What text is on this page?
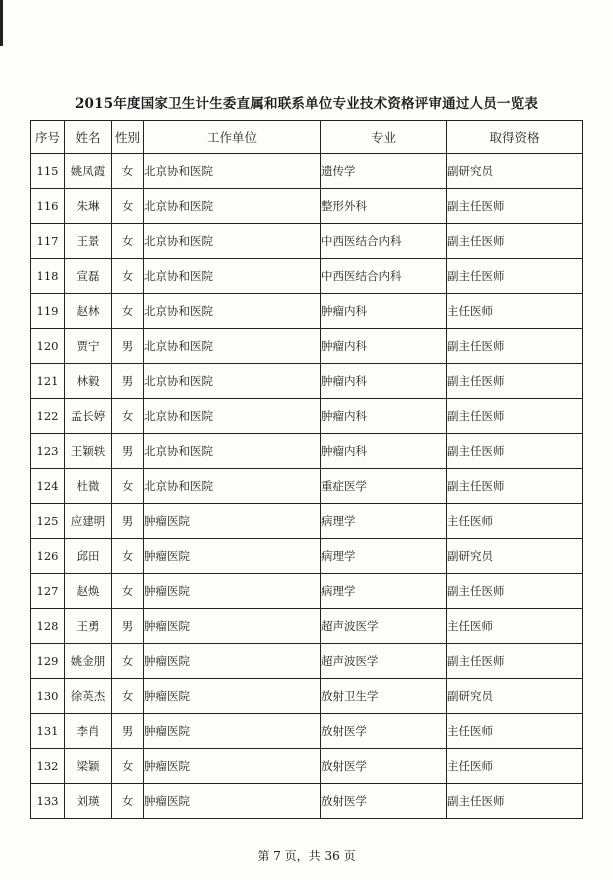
2015年度国家卫生计生委直属和联系单位专业技术资格评审通过人员一览表
序号	姓名	性别	工作单位	专业	取得资格
115	姚凤霞	女	北京协和医院	遗传学	副研究员
116	朱琳	女	北京协和医院	整形外科	副主任医师
117	王景	女	北京协和医院	中西医结合内科	副主任医师
118	宣磊	女	北京协和医院	中西医结合内科	副主任医师
119	赵林	女	北京协和医院	肿瘤内科	主任医师
120	贾宁	男	北京协和医院	肿瘤内科	副主任医师
121	林毅	男	北京协和医院	肿瘤内科	副主任医师
122	孟长婷	女	北京协和医院	肿瘤内科	副主任医师
123	王颖轶	男	北京协和医院	肿瘤内科	副主任医师
124	杜微	女	北京协和医院	重症医学	副主任医师
125	应建明	男	肿瘤医院	病理学	主任医师
126	邱田	女	肿瘤医院	病理学	副研究员
127	赵焕	女	肿瘤医院	病理学	副主任医师
128	王勇	男	肿瘤医院	超声波医学	主任医师
129	姚金朋	女	肿瘤医院	超声波医学	副主任医师
130	徐英杰	女	肿瘤医院	放射卫生学	副研究员
131	李肖	男	肿瘤医院	放射医学	主任医师
132	梁颖	女	肿瘤医院	放射医学	主任医师
133	刘瑛	女	肿瘤医院	放射医学	副主任医师
第 7 页，共 36 页
